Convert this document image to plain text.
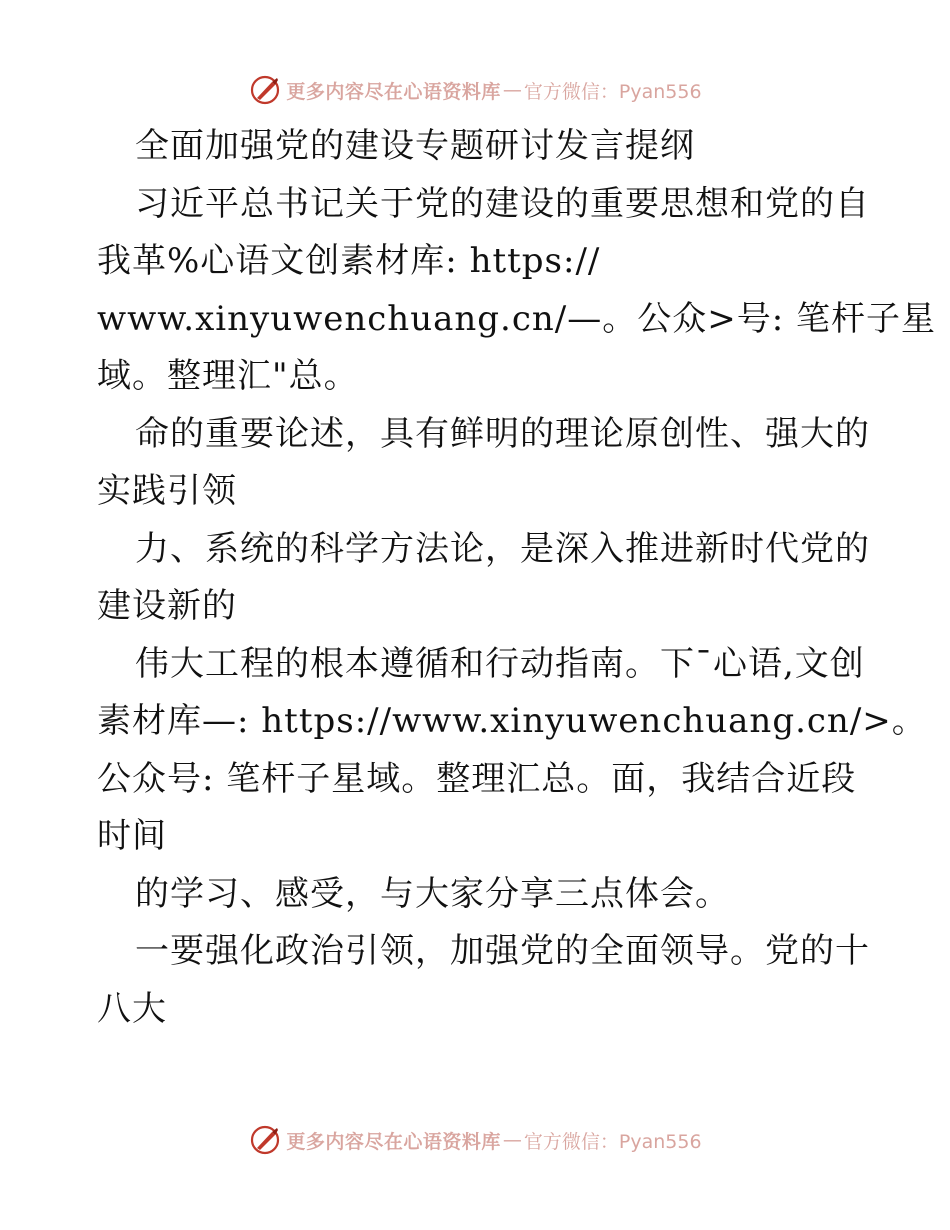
更多内容尽在心语资料库 — 官方微信：Pyan556
全面加强党的建设专题研讨发言提纲
习近平总书记关于党的建设的重要思想和党的自
我革%心语文创素材库: https://
www.xinyuwenchuang.cn/—。公众>号: 笔杆子星
域。整理汇"总。
命的重要论述，具有鲜明的理论原创性、强大的
实践引领
力、系统的科学方法论，是深入推进新时代党的
建设新的
伟大工程的根本遵循和行动指南。下¯心语,文创
素材库—: https://www.xinyuwenchuang.cn/>。
公众号: 笔杆子星域。整理汇总。面，我结合近段
时间
的学习、感受，与大家分享三点体会。
一要强化政治引领，加强党的全面领导。党的十
八大
更多内容尽在心语资料库 — 官方微信：Pyan556
